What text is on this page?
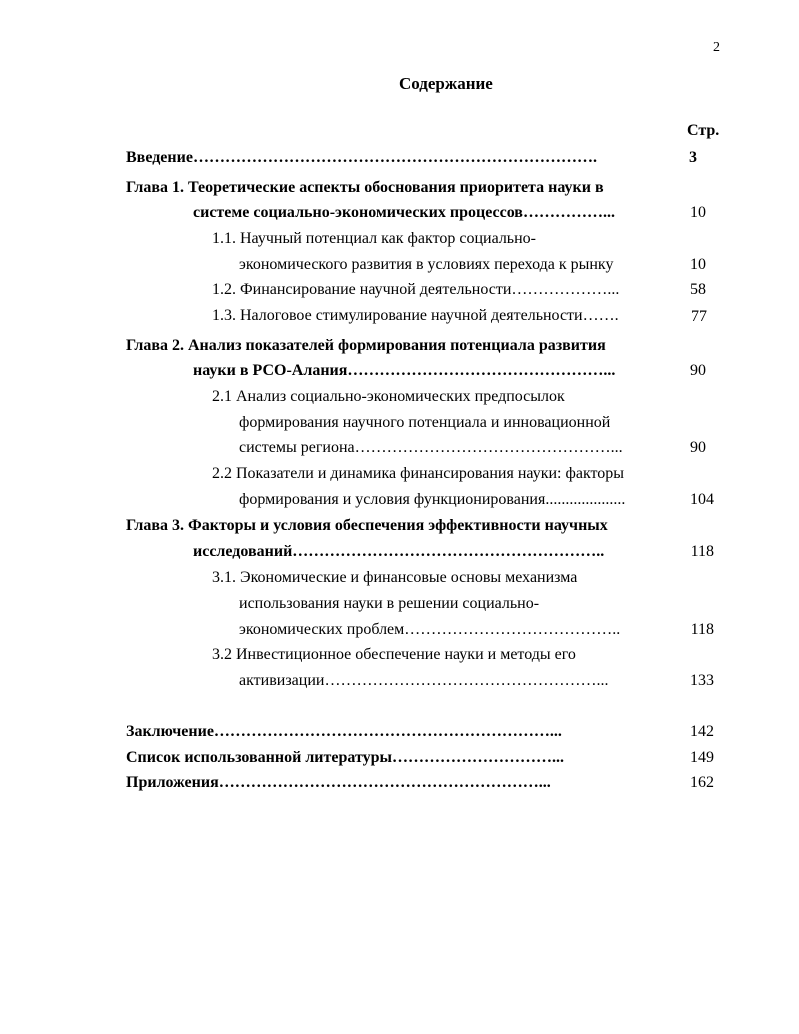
2
Содержание
Стр.
Введение………………………………………………………………….	3
Глава 1. Теоретические аспекты обоснования приоритета науки в
системе социально-экономических процессов……………...	10
1.1. Научный потенциал как фактор социально-
экономического развития в условиях перехода к рынку	10
1.2. Финансирование научной деятельности………………...	58
1.3. Налоговое стимулирование научной деятельности…….	77
Глава 2. Анализ показателей формирования потенциала развития
науки в РСО-Алания…………………………………………...	90
2.1 Анализ социально-экономических предпосылок
формирования научного потенциала и инновационной
системы региона…………………………………………...	90
2.2 Показатели и динамика финансирования науки: факторы
формирования и условия функционирования....................	104
Глава 3. Факторы и условия обеспечения эффективности научных
исследований…………………………………………………..	118
3.1. Экономические и финансовые основы механизма
использования науки в решении социально-
экономических проблем…………………………………..	118
3.2 Инвестиционное обеспечение науки и методы его
активизации……………………………………………...	133
Заключение………………………………………………………...	142
Список использованной литературы…………………………...	149
Приложения……………………………………………………...	162
